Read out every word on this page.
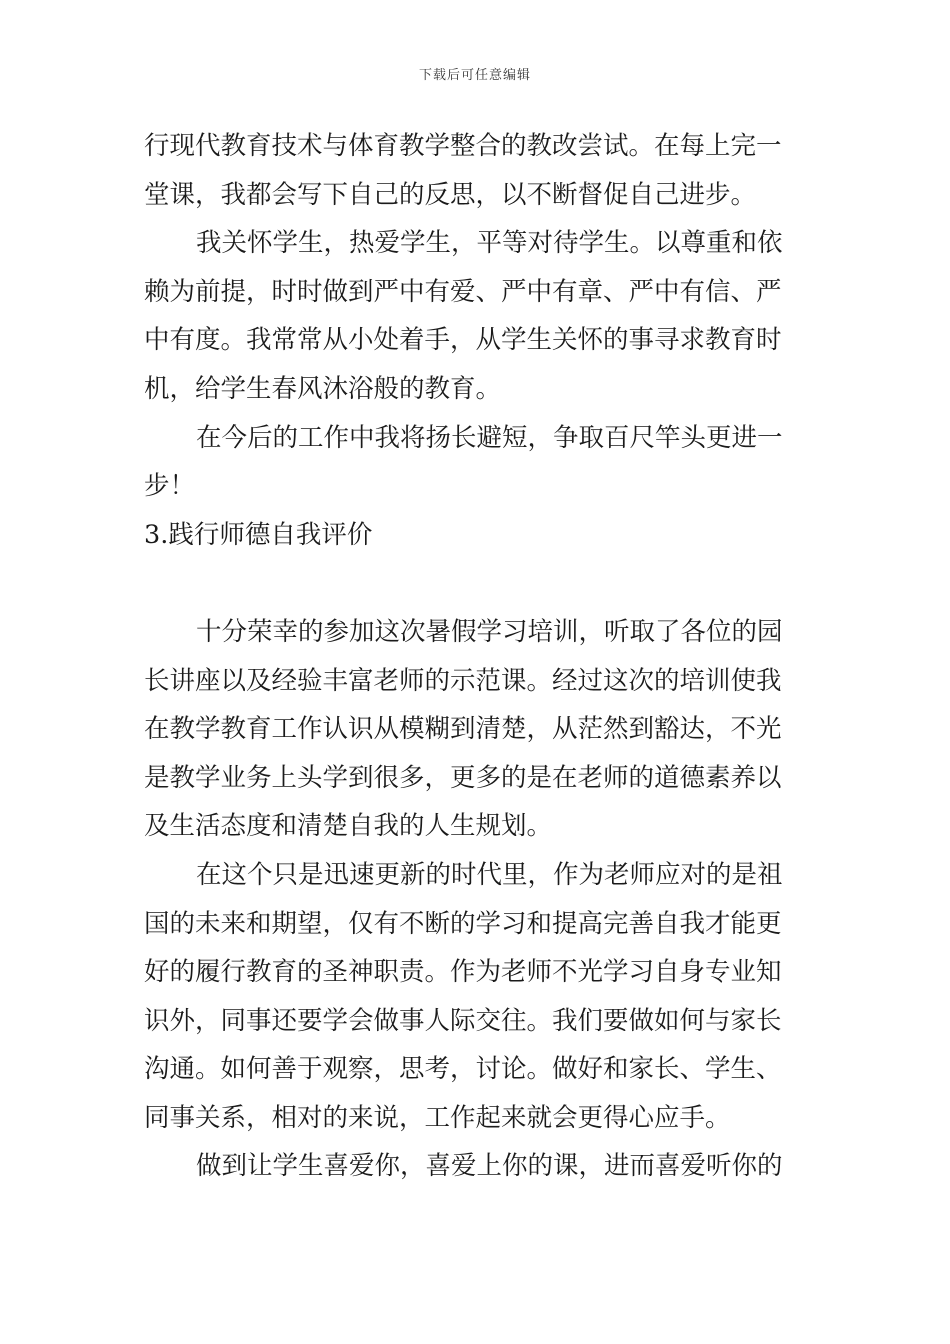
下载后可任意编辑
行现代教育技术与体育教学整合的教改尝试。在每上完一
堂课，我都会写下自己的反思，以不断督促自己进步。
我关怀学生，热爱学生，平等对待学生。以尊重和依
赖为前提，时时做到严中有爱、严中有章、严中有信、严
中有度。我常常从小处着手，从学生关怀的事寻求教育时
机，给学生春风沐浴般的教育。
在今后的工作中我将扬长避短，争取百尺竿头更进一
步！
3.践行师德自我评价
十分荣幸的参加这次暑假学习培训，听取了各位的园
长讲座以及经验丰富老师的示范课。经过这次的培训使我
在教学教育工作认识从模糊到清楚，从茫然到豁达，不光
是教学业务上头学到很多，更多的是在老师的道德素养以
及生活态度和清楚自我的人生规划。
在这个只是迅速更新的时代里，作为老师应对的是祖
国的未来和期望，仅有不断的学习和提高完善自我才能更
好的履行教育的圣神职责。作为老师不光学习自身专业知
识外，同事还要学会做事人际交往。我们要做如何与家长
沟通。如何善于观察，思考，讨论。做好和家长、学生、
同事关系，相对的来说，工作起来就会更得心应手。
做到让学生喜爱你，喜爱上你的课，进而喜爱听你的
